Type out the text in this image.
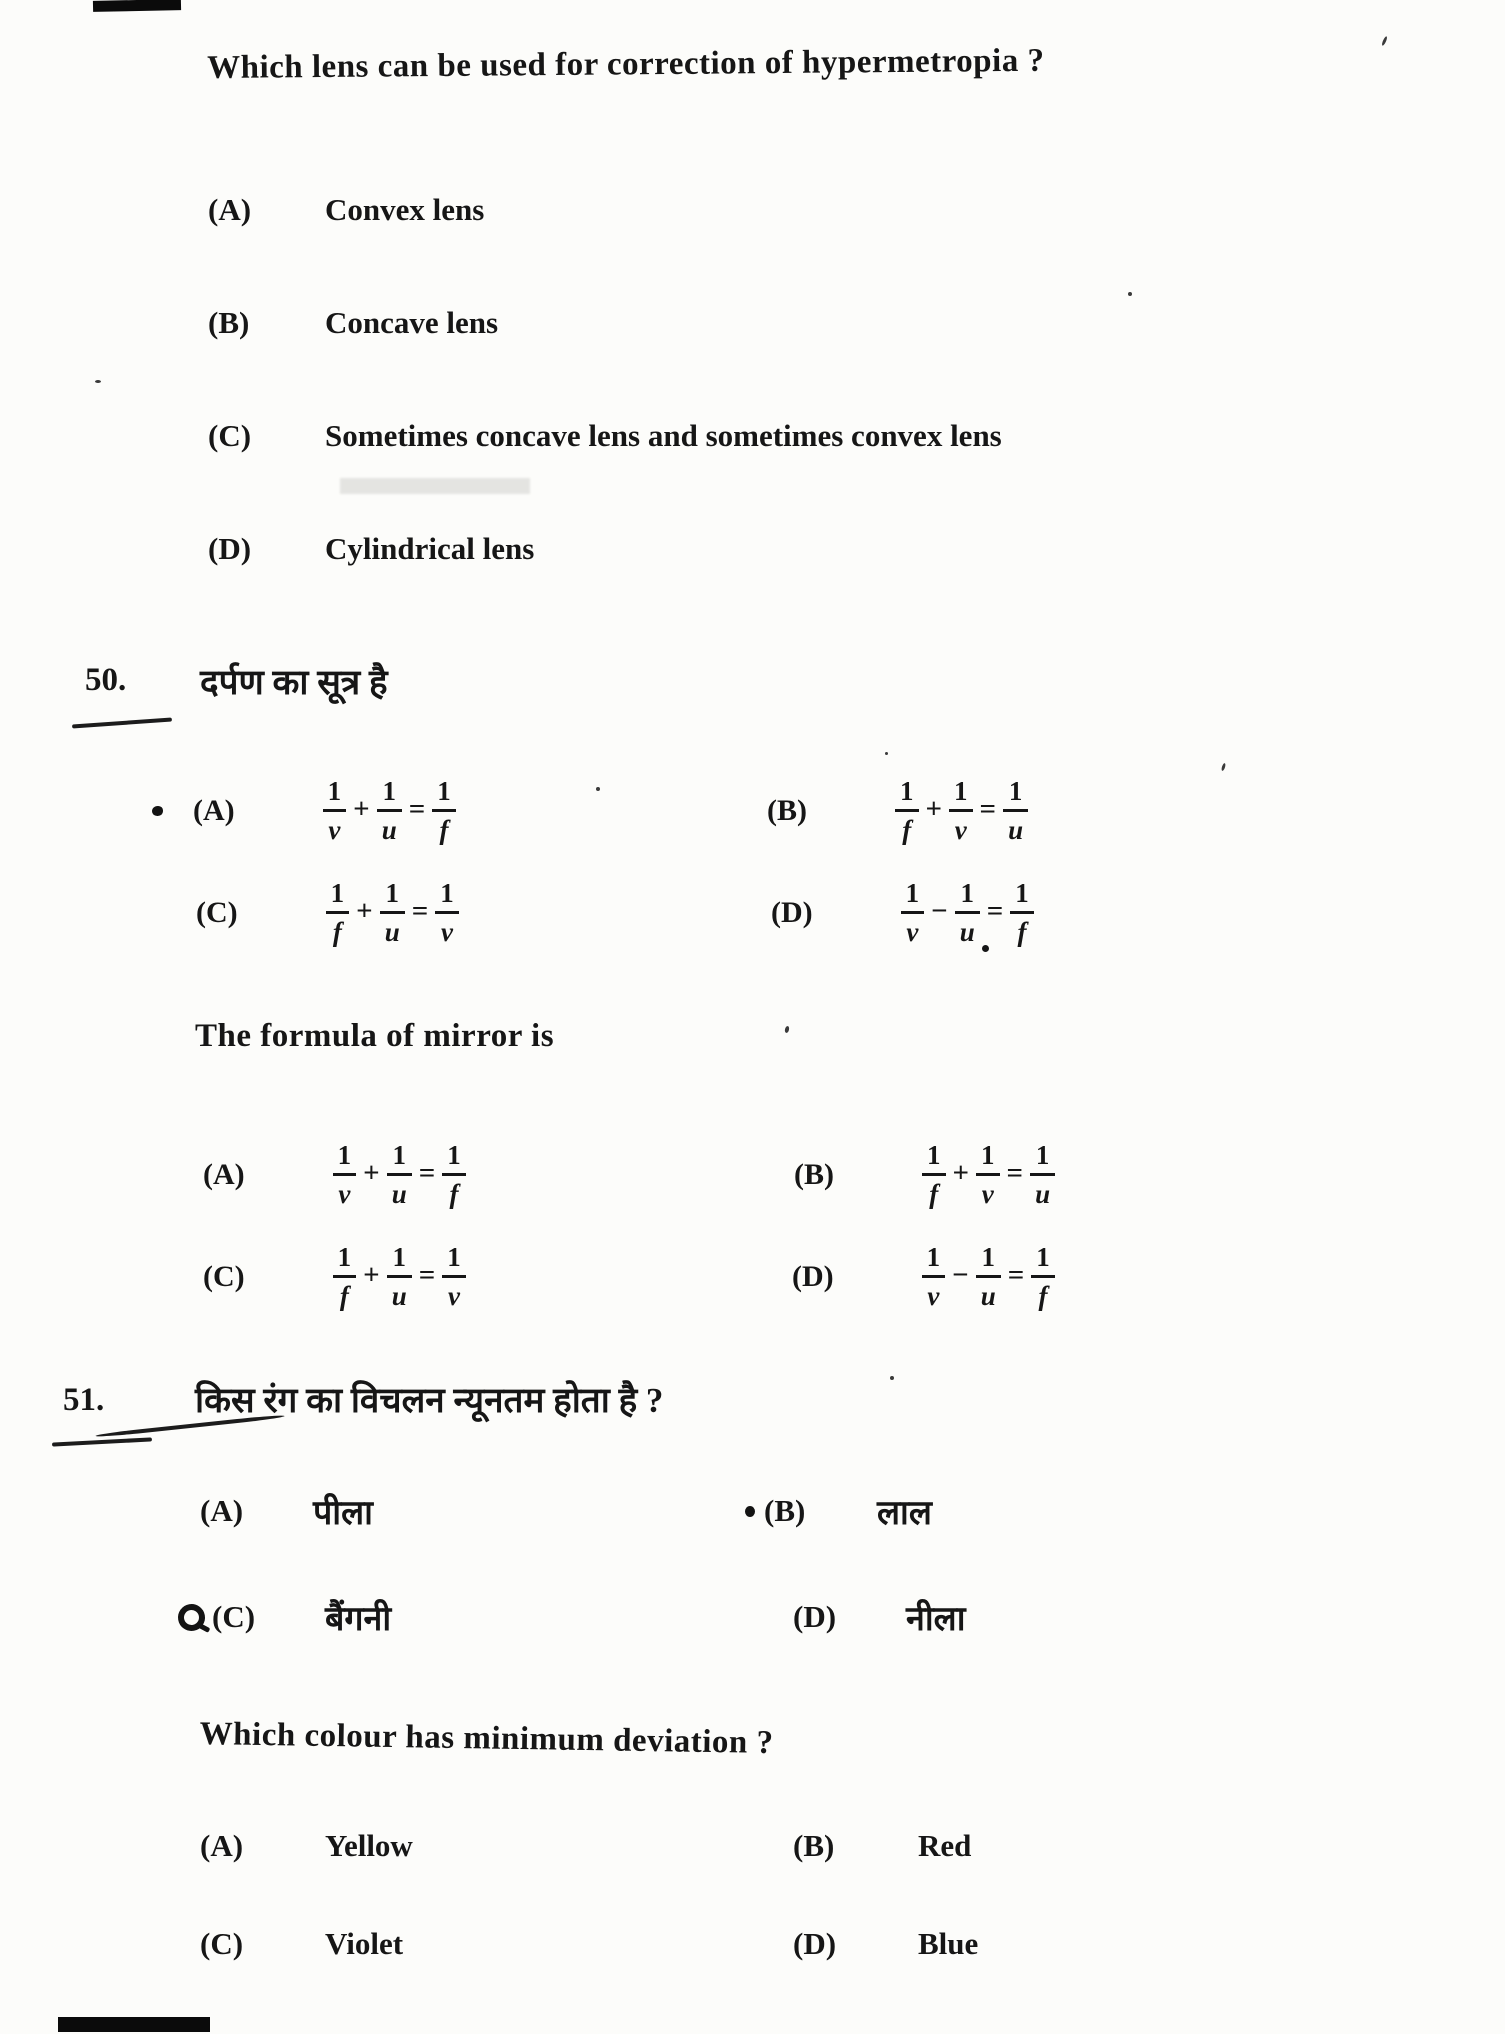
Which lens can be used for correction of hypermetropia ?
(A)	Convex lens
(B)	Concave lens
(C)	Sometimes concave lens and sometimes convex lens
(D)	Cylindrical lens
50. दर्पण का सूत्र है
(A)	$\frac{1}{v} + \frac{1}{u} = \frac{1}{f}$	(B)	$\frac{1}{f} + \frac{1}{v} = \frac{1}{u}$
(C)	$\frac{1}{f} + \frac{1}{u} = \frac{1}{v}$	(D)	$\frac{1}{v} - \frac{1}{u} = \frac{1}{f}$
The formula of mirror is
(A)	$\frac{1}{v} + \frac{1}{u} = \frac{1}{f}$	(B)	$\frac{1}{f} + \frac{1}{v} = \frac{1}{u}$
(C)	$\frac{1}{f} + \frac{1}{u} = \frac{1}{v}$	(D)	$\frac{1}{v} - \frac{1}{u} = \frac{1}{f}$
51.	किस रंग का विचलन न्यूनतम होता है ?
(A)	पीला	(B)	लाल
(C)	बैंगनी	(D)	नीला
Which colour has minimum deviation ?
(A)	Yellow	(B)	Red
(C)	Violet	(D)	Blue
